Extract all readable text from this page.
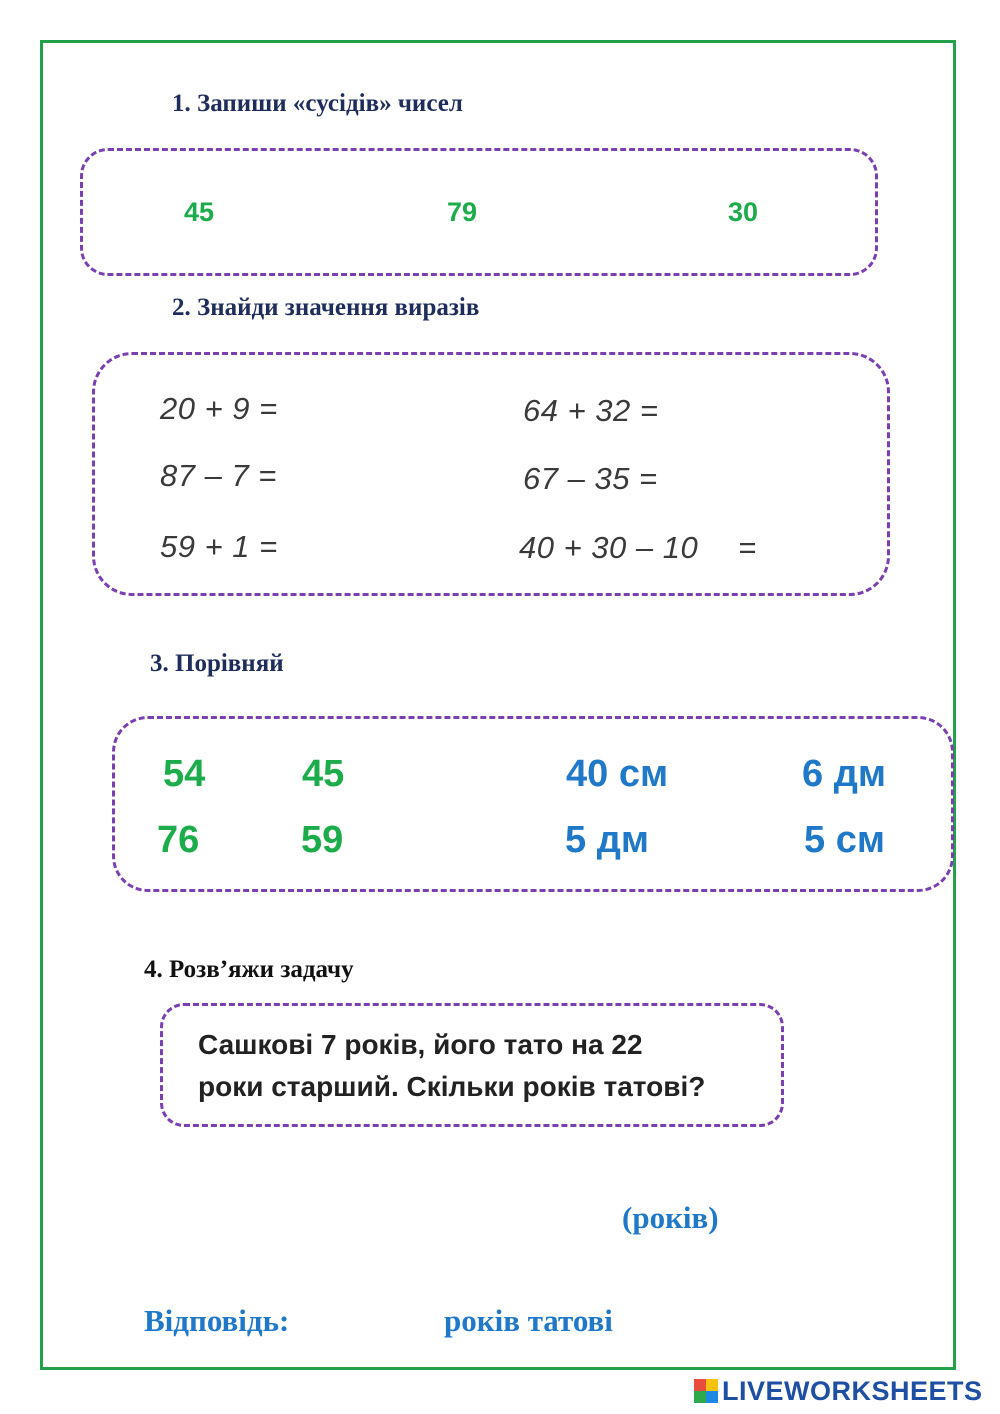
1. Запиши «сусідів» чисел
45	79	30
2. Знайди значення виразів
20 + 9 =
87 – 7 =
59 + 1 =
64 + 32 =
67 – 35 =
40 + 30 – 10 =
3. Порівняй
54	45	40 см	6 дм
76	59	5 дм	5 см
4. Розв’яжи задачу
Сашкові 7 років, його тато на 22
роки старший. Скільки років татові?
(років)
Відповідь:	років татові
LIVEWORKSHEETS
